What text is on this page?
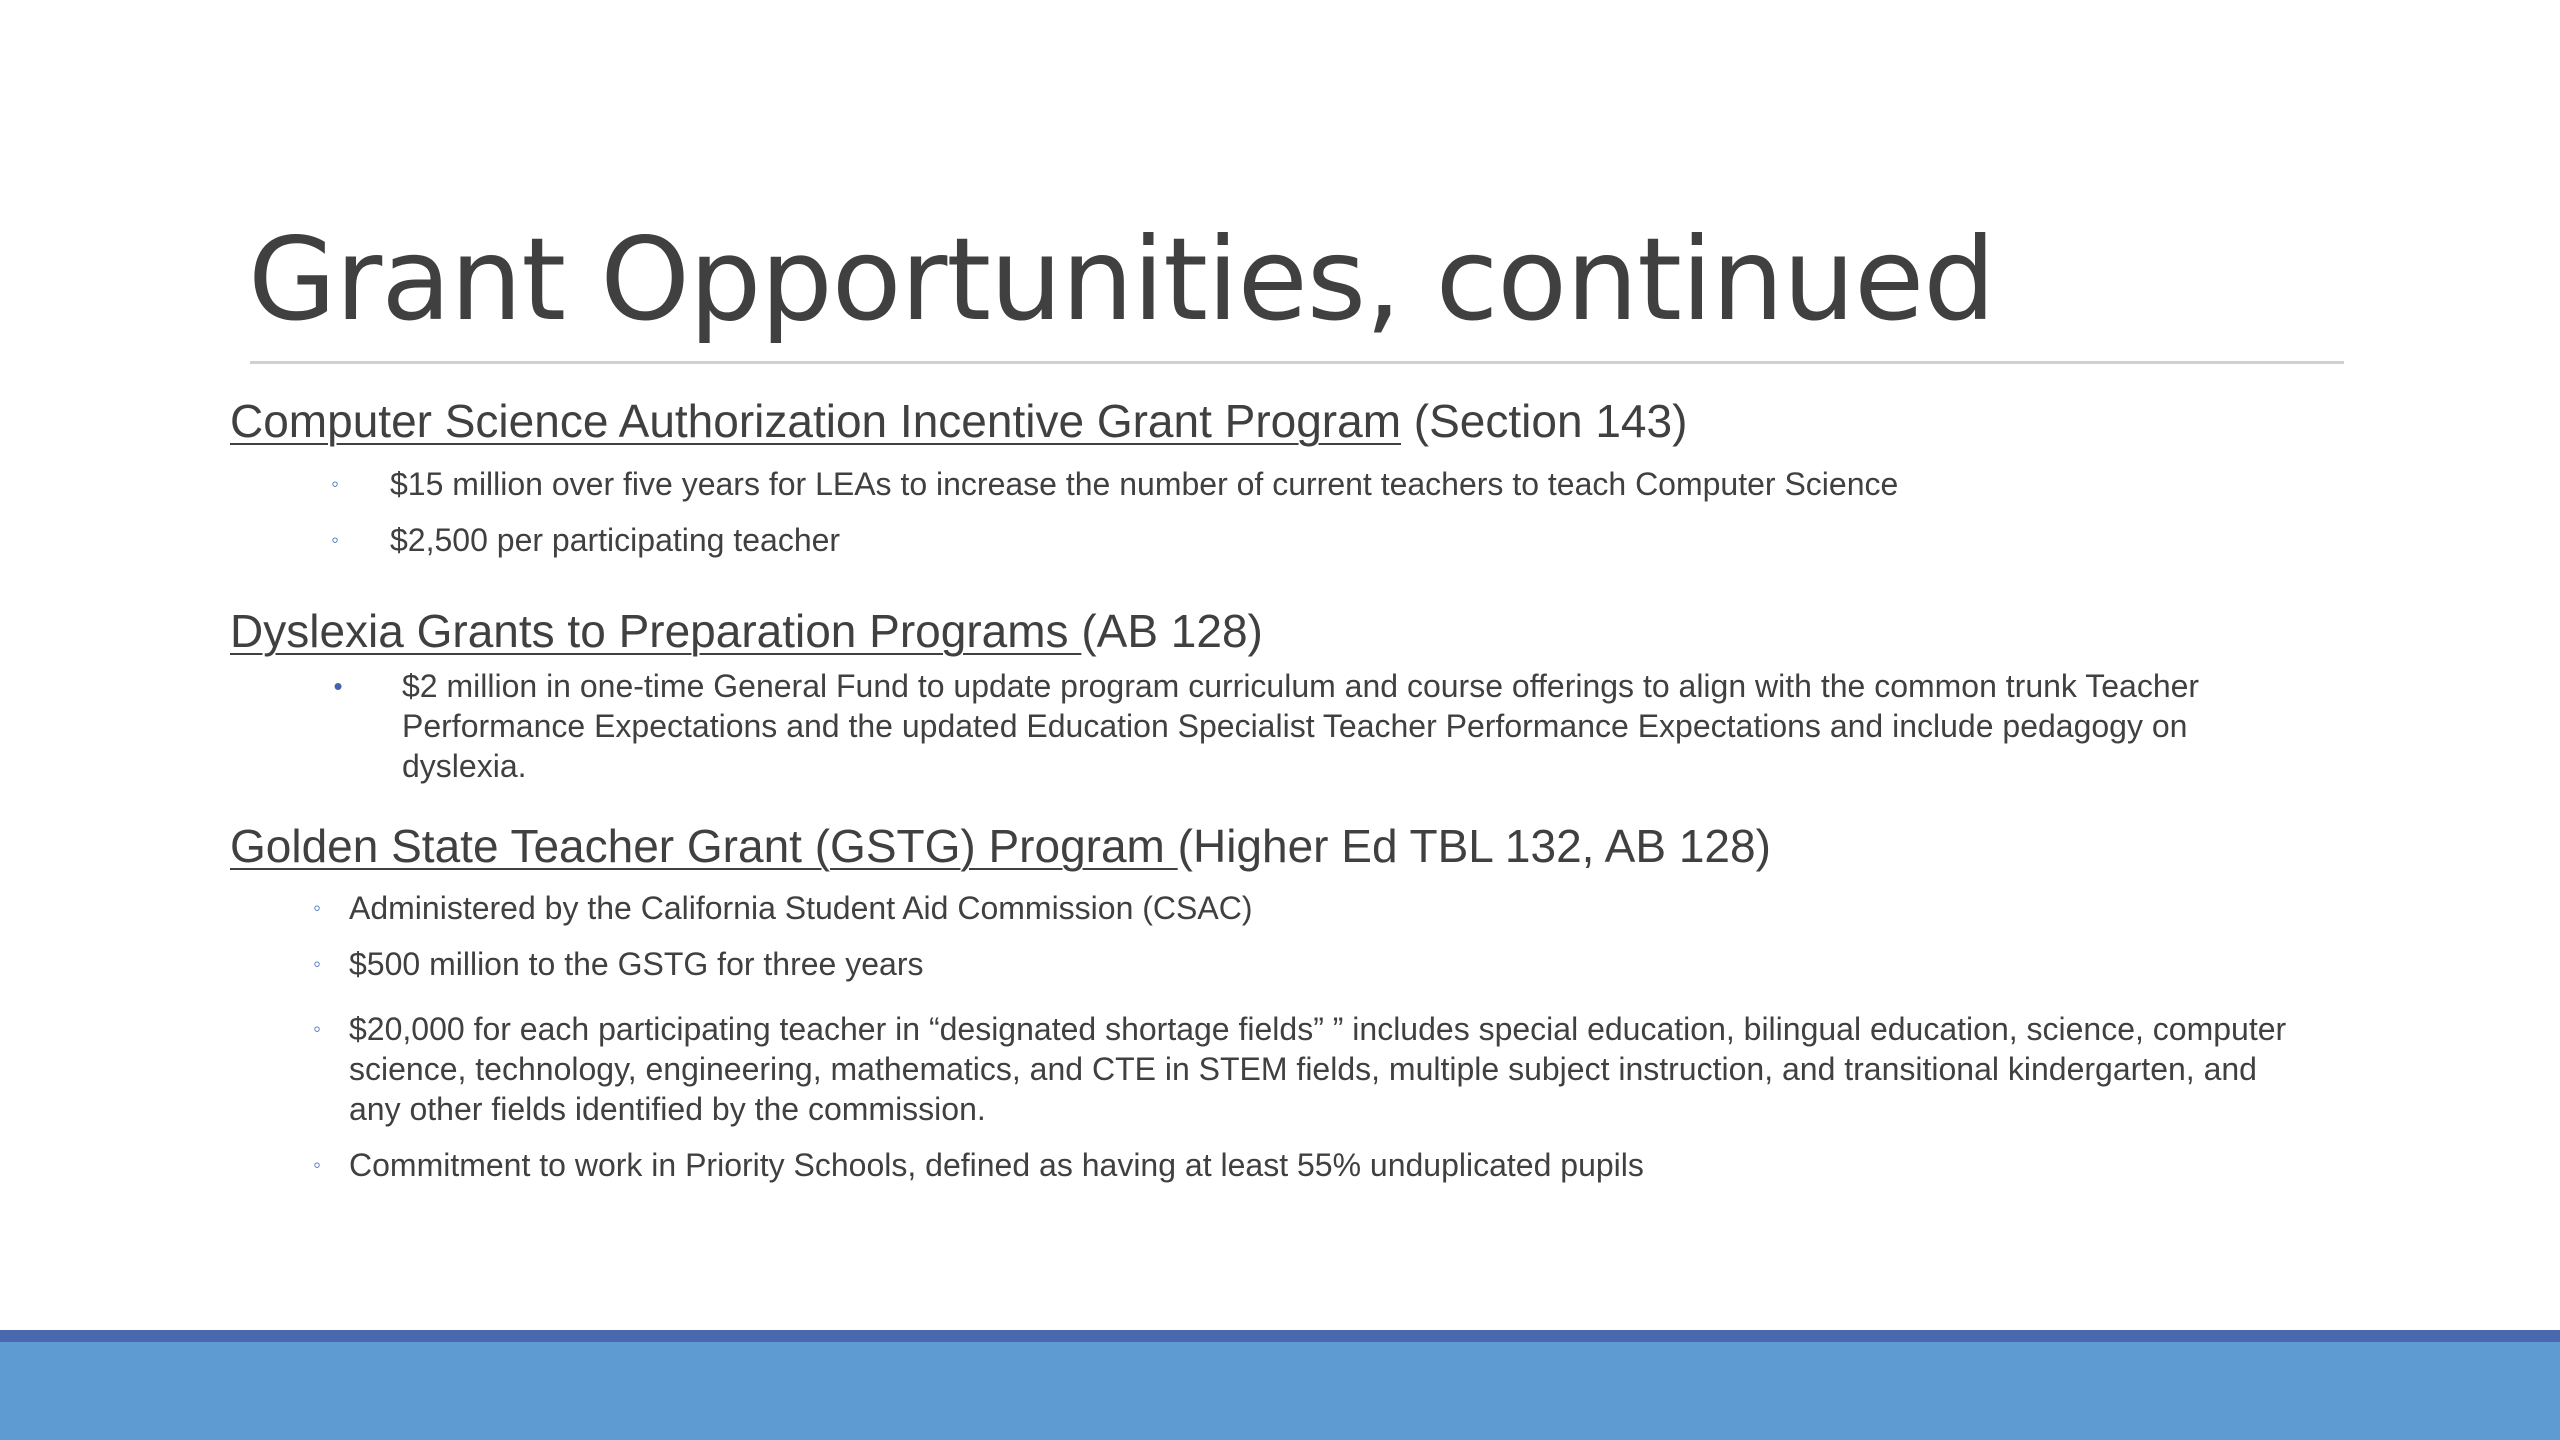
Grant Opportunities, continued
Computer Science Authorization Incentive Grant Program (Section 143)
◦ $15 million over five years for LEAs to increase the number of current teachers to teach Computer Science
◦ $2,500 per participating teacher
Dyslexia Grants to Preparation Programs (AB 128)
• $2 million in one-time General Fund to update program curriculum and course offerings to align with the common trunk Teacher Performance Expectations and the updated Education Specialist Teacher Performance Expectations and include pedagogy on dyslexia.
Golden State Teacher Grant (GSTG) Program (Higher Ed TBL 132, AB 128)
◦ Administered by the California Student Aid Commission (CSAC)
◦ $500 million to the GSTG for three years
◦ $20,000 for each participating teacher in “designated shortage fields” ” includes special education, bilingual education, science, computer science, technology, engineering, mathematics, and CTE in STEM fields, multiple subject instruction, and transitional kindergarten, and any other fields identified by the commission.
◦ Commitment to work in Priority Schools, defined as having at least 55% unduplicated pupils
